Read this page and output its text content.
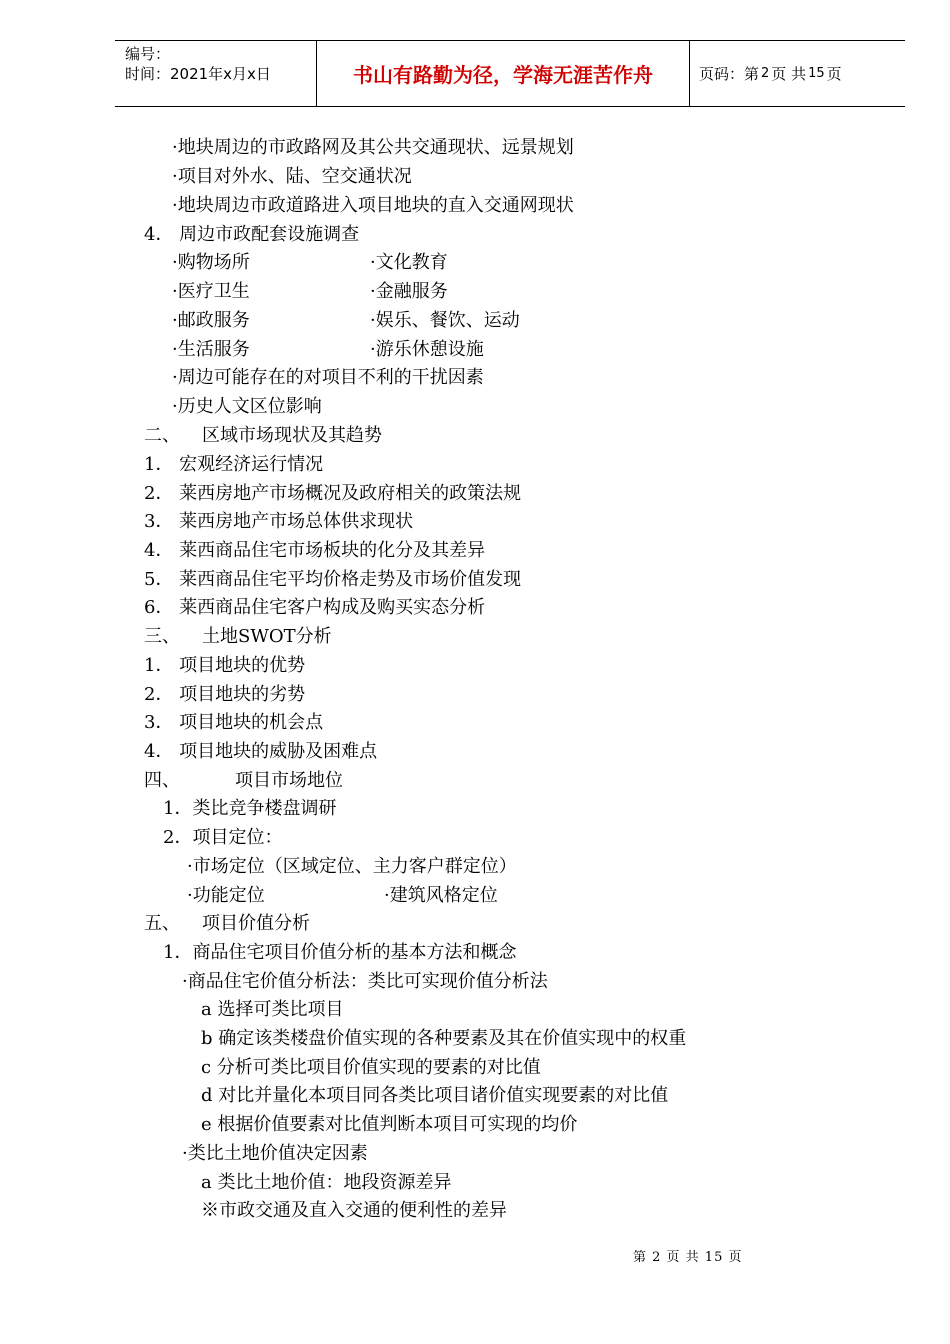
编号：
时间：2021年x月x日	书山有路勤为径，学海无涯苦作舟	页码：第 2 页 共 15 页
·地块周边的市政路网及其公共交通现状、远景规划
·项目对外水、陆、空交通状况
·地块周边市政道路进入项目地块的直入交通网现状
4． 周边市政配套设施调查
·购物场所	·文化教育
·医疗卫生	·金融服务
·邮政服务	·娱乐、餐饮、运动
·生活服务	·游乐休憩设施
·周边可能存在的对项目不利的干扰因素
·历史人文区位影响
二、 区域市场现状及其趋势
1． 宏观经济运行情况
2． 莱西房地产市场概况及政府相关的政策法规
3． 莱西房地产市场总体供求现状
4． 莱西商品住宅市场板块的化分及其差异
5． 莱西商品住宅平均价格走势及市场价值发现
6． 莱西商品住宅客户构成及购买实态分析
三、 土地SWOT分析
1． 项目地块的优势
2． 项目地块的劣势
3． 项目地块的机会点
4． 项目地块的威胁及困难点
四、	项目市场地位
1．类比竞争楼盘调研
2．项目定位：
·市场定位（区域定位、主力客户群定位）
·功能定位	·建筑风格定位
五、 项目价值分析
1．商品住宅项目价值分析的基本方法和概念
·商品住宅价值分析法：类比可实现价值分析法
a 选择可类比项目
b 确定该类楼盘价值实现的各种要素及其在价值实现中的权重
c 分析可类比项目价值实现的要素的对比值
d 对比并量化本项目同各类比项目诸价值实现要素的对比值
e 根据价值要素对比值判断本项目可实现的均价
·类比土地价值决定因素
a 类比土地价值：地段资源差异
※市政交通及直入交通的便利性的差异
第 2 页 共 15 页
